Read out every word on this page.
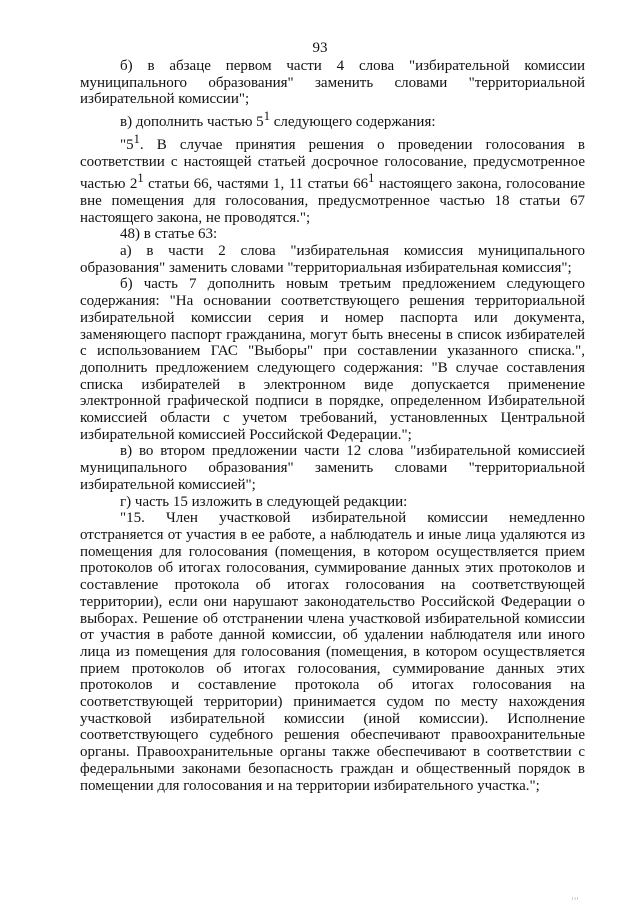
93

б) в абзаце первом части 4 слова "избирательной комиссии

муниципального образования" заменить словами "территориальной

избирательной комиссии";

в) дополнить частью $5^1$ следующего содержания:

"$5^1$. В случае принятия решения о проведении голосования в

соответствии с настоящей статьей досрочное голосование, предусмотренное

частью $2^1$ статьи 66, частями 1, 11 статьи $66^1$ настоящего закона, голосование

вне помещения для голосования, предусмотренное частью 18 статьи 67

настоящего закона, не проводятся.";

48) в статье 63:

а) в части 2 слова "избирательная комиссия муниципального

образования" заменить словами "территориальная избирательная комиссия";

б) часть 7 дополнить новым третьим предложением следующего

содержания: "На основании соответствующего решения территориальной

избирательной комиссии серия и номер паспорта или документа,

заменяющего паспорт гражданина, могут быть внесены в список избирателей

с использованием ГАС "Выборы" при составлении указанного списка.",

дополнить предложением следующего содержания: "В случае составления

списка избирателей в электронном виде допускается применение

электронной графической подписи в порядке, определенном Избирательной

комиссией области с учетом требований, установленных Центральной

избирательной комиссией Российской Федерации.";

в) во втором предложении части 12 слова "избирательной комиссией

муниципального образования" заменить словами "территориальной

избирательной комиссией";

г) часть 15 изложить в следующей редакции:

"15. Член участковой избирательной комиссии немедленно

отстраняется от участия в ее работе, а наблюдатель и иные лица удаляются из

помещения для голосования (помещения, в котором осуществляется прием

протоколов об итогах голосования, суммирование данных этих протоколов и

составление протокола об итогах голосования на соответствующей

территории), если они нарушают законодательство Российской Федерации о

выборах. Решение об отстранении члена участковой избирательной комиссии

от участия в работе данной комиссии, об удалении наблюдателя или иного

лица из помещения для голосования (помещения, в котором осуществляется

прием протоколов об итогах голосования, суммирование данных этих

протоколов и составление протокола об итогах голосования на

соответствующей территории) принимается судом по месту нахождения

участковой избирательной комиссии (иной комиссии). Исполнение

соответствующего судебного решения обеспечивают правоохранительные

органы. Правоохранительные органы также обеспечивают в соответствии с

федеральными законами безопасность граждан и общественный порядок в

помещении для голосования и на территории избирательного участка.";

ııı
